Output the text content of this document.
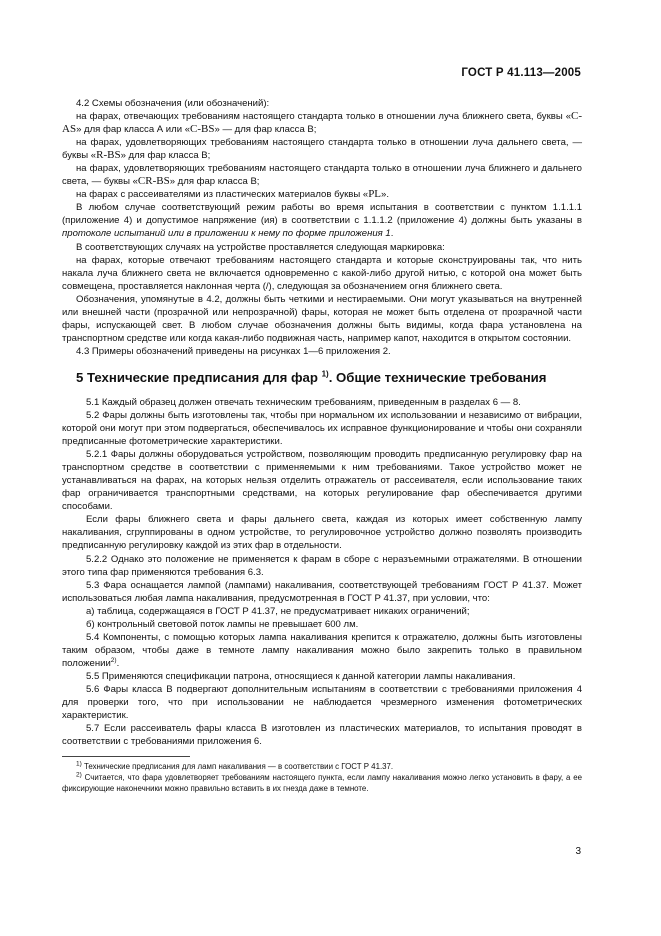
ГОСТ Р 41.113—2005

4.2 Схемы обозначения (или обозначений):

на фарах, отвечающих требованиям настоящего стандарта только в отношении луча ближнего света, буквы «C-AS» для фар класса А или «C-BS» — для фар класса В;

на фарах, удовлетворяющих требованиям настоящего стандарта только в отношении луча дальнего света, — буквы «R-BS» для фар класса В;

на фарах, удовлетворяющих требованиям настоящего стандарта только в отношении луча ближнего и дальнего света, — буквы «CR-BS» для фар класса В;

на фарах с рассеивателями из пластических материалов буквы «PL».

В любом случае соответствующий режим работы во время испытания в соответствии с пунктом 1.1.1.1 (приложение 4) и допустимое напряжение (ия) в соответствии с 1.1.1.2 (приложение 4) должны быть указаны в протоколе испытаний или в приложении к нему по форме приложения 1.

В соответствующих случаях на устройстве проставляется следующая маркировка:

на фарах, которые отвечают требованиям настоящего стандарта и которые сконструированы так, что нить накала луча ближнего света не включается одновременно с какой-либо другой нитью, с которой она может быть совмещена, проставляется наклонная черта (/), следующая за обозначением огня ближнего света.

Обозначения, упомянутые в 4.2, должны быть четкими и нестираемыми. Они могут указываться на внутренней или внешней части (прозрачной или непрозрачной) фары, которая не может быть отделена от прозрачной части фары, испускающей свет. В любом случае обозначения должны быть видимы, когда фара установлена на транспортном средстве или когда какая-либо подвижная часть, например капот, находится в открытом состоянии.

4.3 Примеры обозначений приведены на рисунках 1—6 приложения 2.

5 Технические предписания для фар $^{1)}$. Общие технические требования

5.1 Каждый образец должен отвечать техническим требованиям, приведенным в разделах 6 — 8.

5.2 Фары должны быть изготовлены так, чтобы при нормальном их использовании и независимо от вибрации, которой они могут при этом подвергаться, обеспечивалось их исправное функционирование и чтобы они сохраняли предписанные фотометрические характеристики.

5.2.1 Фары должны оборудоваться устройством, позволяющим проводить предписанную регулировку фар на транспортном средстве в соответствии с применяемыми к ним требованиями. Такое устройство может не устанавливаться на фарах, на которых нельзя отделить отражатель от рассеивателя, если использование таких фар ограничивается транспортными средствами, на которых регулирование фар обеспечивается другими способами.

Если фары ближнего света и фары дальнего света, каждая из которых имеет собственную лампу накаливания, сгруппированы в одном устройстве, то регулировочное устройство должно позволять производить предписанную регулировку каждой из этих фар в отдельности.

5.2.2 Однако это положение не применяется к фарам в сборе с неразъемными отражателями. В отношении этого типа фар применяются требования 6.3.

5.3 Фара оснащается лампой (лампами) накаливания, соответствующей требованиям ГОСТ Р 41.37. Может использоваться любая лампа накаливания, предусмотренная в ГОСТ Р 41.37, при условии, что:

а) таблица, содержащаяся в ГОСТ Р 41.37, не предусматривает никаких ограничений;

б) контрольный световой поток лампы не превышает 600 лм.

5.4 Компоненты, с помощью которых лампа накаливания крепится к отражателю, должны быть изготовлены таким образом, чтобы даже в темноте лампу накаливания можно было закрепить только в правильном положении$^{2)}$.

5.5 Применяются спецификации патрона, относящиеся к данной категории лампы накаливания.

5.6 Фары класса В подвергают дополнительным испытаниям в соответствии с требованиями приложения 4 для проверки того, что при использовании не наблюдается чрезмерного изменения фотометрических характеристик.

5.7 Если рассеиватель фары класса В изготовлен из пластических материалов, то испытания проводят в соответствии с требованиями приложения 6.

$^{1)}$ Технические предписания для ламп накаливания — в соответствии с ГОСТ Р 41.37.

$^{2)}$ Считается, что фара удовлетворяет требованиям настоящего пункта, если лампу накаливания можно легко установить в фару, а ее фиксирующие наконечники можно правильно вставить в их гнезда даже в темноте.

3
